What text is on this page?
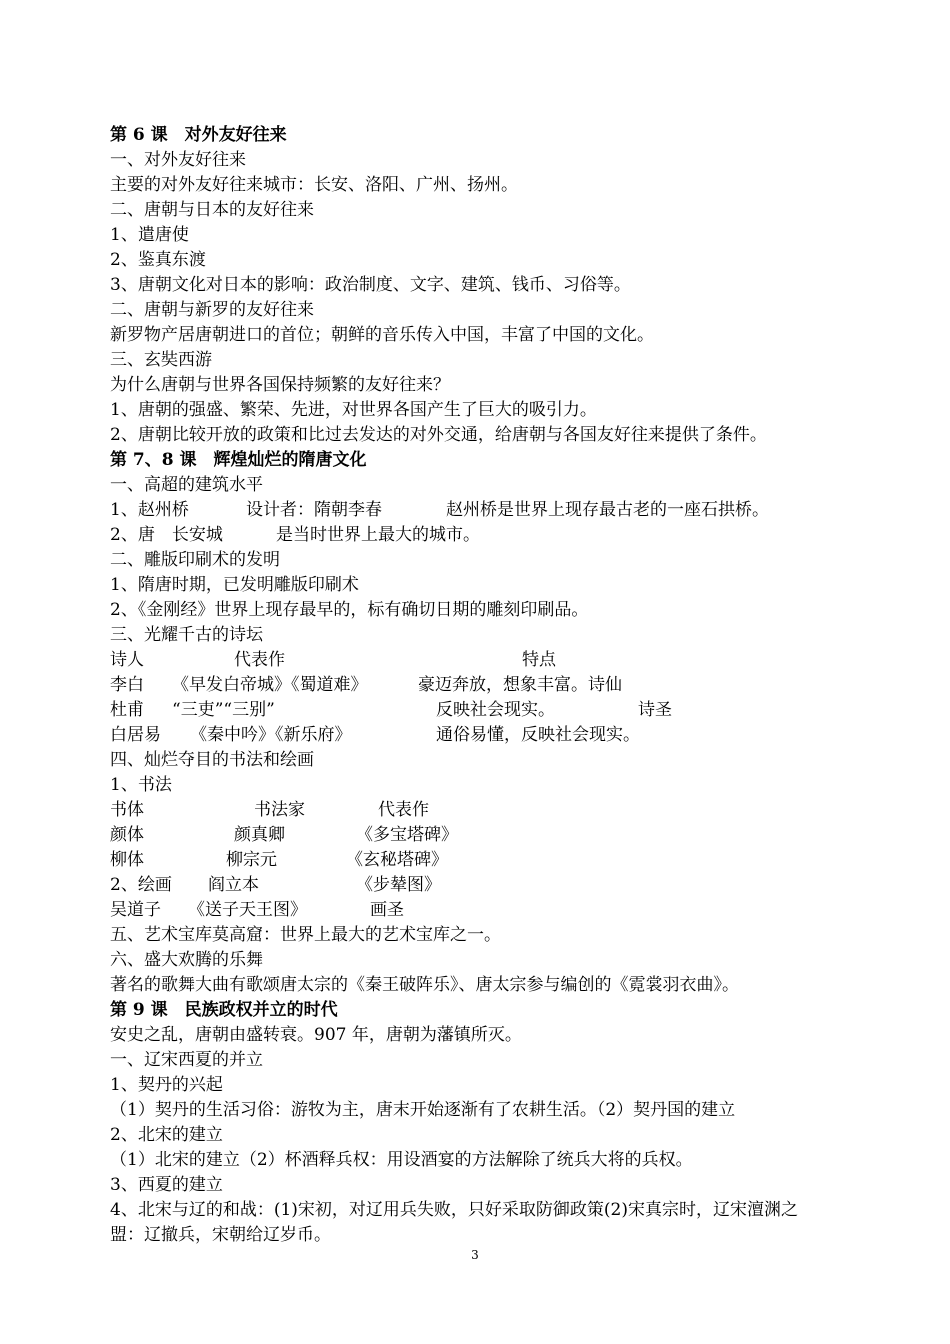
3
第 6 课　对外友好往来
一、对外友好往来
主要的对外友好往来城市：长安、洛阳、广州、扬州。
二、唐朝与日本的友好往来
1、遣唐使
2、鉴真东渡
3、唐朝文化对日本的影响：政治制度、文字、建筑、钱币、习俗等。
二、唐朝与新罗的友好往来
新罗物产居唐朝进口的首位；朝鲜的音乐传入中国，丰富了中国的文化。
三、玄奘西游
为什么唐朝与世界各国保持频繁的友好往来？
1、唐朝的强盛、繁荣、先进，对世界各国产生了巨大的吸引力。
2、唐朝比较开放的政策和比过去发达的对外交通，给唐朝与各国友好往来提供了条件。
第 7、8 课　辉煌灿烂的隋唐文化
一、高超的建筑水平
1、赵州桥	设计者：隋朝李春	赵州桥是世界上现存最古老的一座石拱桥。
2、唐　长安城	是当时世界上最大的城市。
二、雕版印刷术的发明
1、隋唐时期，已发明雕版印刷术
2、《金刚经》世界上现存最早的，标有确切日期的雕刻印刷品。
三、光耀千古的诗坛
诗人	代表作	特点
李白 《早发白帝城》《蜀道难》	豪迈奔放，想象丰富。诗仙
杜甫 “三吏”“三别”	反映社会现实。	诗圣
白居易 《秦中吟》《新乐府》	通俗易懂，反映社会现实。
四、灿烂夺目的书法和绘画
1、书法
书体	书法家	代表作
颜体	颜真卿	《多宝塔碑》
柳体	柳宗元	《玄秘塔碑》
2、绘画 阎立本	《步辇图》
吴道子 《送子天王图》	画圣
五、艺术宝库莫高窟：世界上最大的艺术宝库之一。
六、盛大欢腾的乐舞
著名的歌舞大曲有歌颂唐太宗的《秦王破阵乐》、唐太宗参与编创的《霓裳羽衣曲》。
第 9 课　民族政权并立的时代
安史之乱，唐朝由盛转衰。907 年，唐朝为藩镇所灭。
一、辽宋西夏的并立
1、契丹的兴起
（1）契丹的生活习俗：游牧为主，唐末开始逐渐有了农耕生活。（2）契丹国的建立
2、北宋的建立
（1）北宋的建立（2）杯酒释兵权：用设酒宴的方法解除了统兵大将的兵权。
3、西夏的建立
4、北宋与辽的和战：(1)宋初，对辽用兵失败，只好采取防御政策(2)宋真宗时，辽宋澶渊之
盟：辽撤兵，宋朝给辽岁币。
